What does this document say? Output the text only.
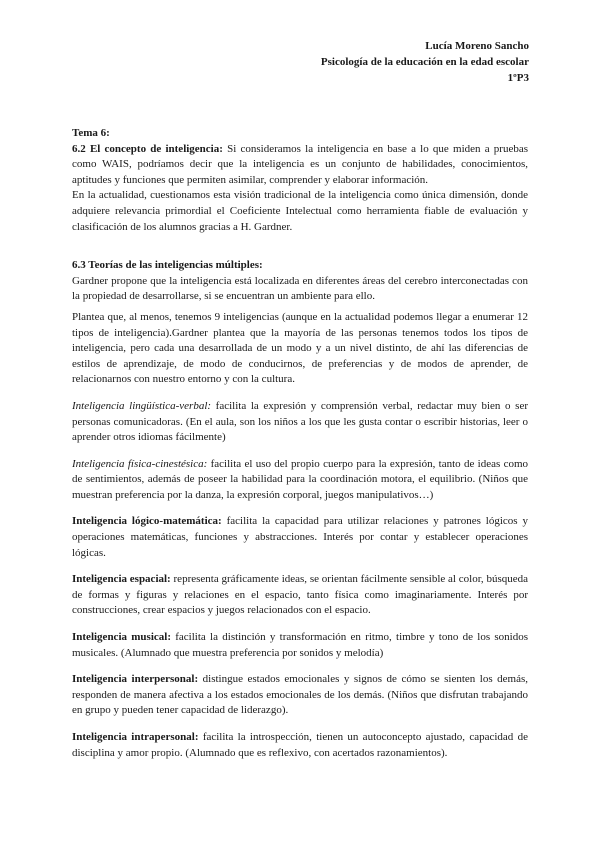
Lucía Moreno Sancho
Psicología de la educación en la edad escolar
1ºP3

Tema 6:

6.2 El concepto de inteligencia: Si consideramos la inteligencia en base a lo que miden a pruebas como WAIS, podríamos decir que la inteligencia es un conjunto de habilidades, conocimientos, aptitudes y funciones que permiten asimilar, comprender y elaborar información.

En la actualidad, cuestionamos esta visión tradicional de la inteligencia como única dimensión, donde adquiere relevancia primordial el Coeficiente Intelectual como herramienta fiable de evaluación y clasificación de los alumnos gracias a H. Gardner.

6.3 Teorías de las inteligencias múltiples:

Gardner propone que la inteligencia está localizada en diferentes áreas del cerebro interconectadas con la propiedad de desarrollarse, si se encuentran un ambiente para ello.

Plantea que, al menos, tenemos 9 inteligencias (aunque en la actualidad podemos llegar a enumerar 12 tipos de inteligencia).Gardner plantea que la mayoría de las personas tenemos todos los tipos de inteligencia, pero cada una desarrollada de un modo y a un nivel distinto, de ahí las diferencias de estilos de aprendizaje, de modo de conducirnos, de preferencias y de modos de aprender, de relacionarnos con nuestro entorno y con la cultura.

Inteligencia lingüística-verbal: facilita la expresión y comprensión verbal, redactar muy bien o ser personas comunicadoras. (En el aula, son los niños a los que les gusta contar o escribir historias, leer o aprender otros idiomas fácilmente)

Inteligencia física-cinestésica: facilita el uso del propio cuerpo para la expresión, tanto de ideas como de sentimientos, además de poseer la habilidad para la coordinación motora, el equilibrio. (Niños que muestran preferencia por la danza, la expresión corporal, juegos manipulativos…)

Inteligencia lógico-matemática: facilita la capacidad para utilizar relaciones y patrones lógicos y operaciones matemáticas, funciones y abstracciones. Interés por contar y establecer operaciones lógicas.

Inteligencia espacial: representa gráficamente ideas, se orientan fácilmente sensible al color, búsqueda de formas y figuras y relaciones en el espacio, tanto física como imaginariamente. Interés por construcciones, crear espacios y juegos relacionados con el espacio.

Inteligencia musical: facilita la distinción y transformación en ritmo, timbre y tono de los sonidos musicales. (Alumnado que muestra preferencia por sonidos y melodía)

Inteligencia interpersonal: distingue estados emocionales y signos de cómo se sienten los demás, responden de manera afectiva a los estados emocionales de los demás. (Niños que disfrutan trabajando en grupo y pueden tener capacidad de liderazgo).

Inteligencia intrapersonal: facilita la introspección, tienen un autoconcepto ajustado, capacidad de disciplina y amor propio. (Alumnado que es reflexivo, con acertados razonamientos).
